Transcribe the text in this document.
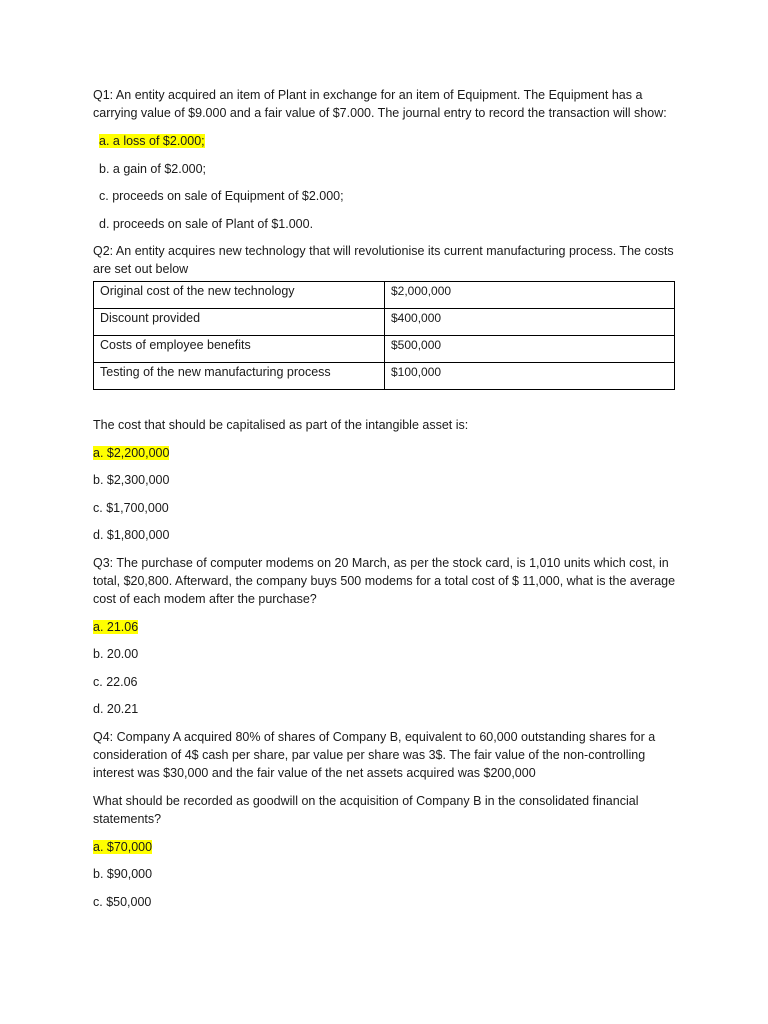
Q1: An entity acquired an item of Plant in exchange for an item of Equipment. The Equipment has a carrying value of $9.000 and a fair value of $7.000. The journal entry to record the transaction will show:

a. a loss of $2.000;

b. a gain of $2.000;

c. proceeds on sale of Equipment of $2.000;

d. proceeds on sale of Plant of $1.000.

Q2: An entity acquires new technology that will revolutionise its current manufacturing process. The costs are set out below

Original cost of the new technology	$2,000,000
Discount provided	$400,000
Costs of employee benefits	$500,000
Testing of the new manufacturing process	$100,000

The cost that should be capitalised as part of the intangible asset is:

a. $2,200,000

b. $2,300,000

c. $1,700,000

d. $1,800,000

Q3: The purchase of computer modems on 20 March, as per the stock card, is 1,010 units which cost, in total, $20,800. Afterward, the company buys 500 modems for a total cost of $ 11,000, what is the average cost of each modem after the purchase?

a. 21.06

b. 20.00

c. 22.06

d. 20.21

Q4: Company A acquired 80% of shares of Company B, equivalent to 60,000 outstanding shares for a consideration of 4$ cash per share, par value per share was 3$. The fair value of the non-controlling interest was $30,000 and the fair value of the net assets acquired was $200,000

What should be recorded as goodwill on the acquisition of Company B in the consolidated financial statements?

a. $70,000

b. $90,000

c. $50,000
